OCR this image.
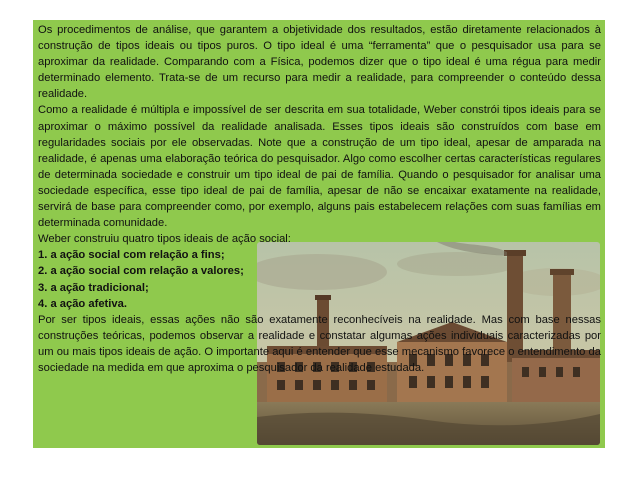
Os procedimentos de análise, que garantem a objetividade dos resultados, estão diretamente relacionados à construção de tipos ideais ou tipos puros. O tipo ideal é uma “ferramenta” que o pesquisador usa para se aproximar da realidade. Comparando com a Física, podemos dizer que o tipo ideal é uma régua para medir determinado elemento. Trata-se de um recurso para medir a realidade, para compreender o conteúdo dessa realidade.

Como a realidade é múltipla e impossível de ser descrita em sua totalidade, Weber constrói tipos ideais para se aproximar o máximo possível da realidade analisada. Esses tipos ideais são construídos com base em regularidades sociais por ele observadas. Note que a construção de um tipo ideal, apesar de amparada na realidade, é apenas uma elaboração teórica do pesquisador. Algo como escolher certas características regulares de determinada sociedade e construir um tipo ideal de pai de família. Quando o pesquisador for analisar uma sociedade específica, esse tipo ideal de pai de família, apesar de não se encaixar exatamente na realidade, servirá de base para compreender como, por exemplo, alguns pais estabelecem relações com suas famílias em determinada comunidade.

Weber construiu quatro tipos ideais de ação social:

1. a ação social com relação a fins;

2. a ação social com relação a valores;

3. a ação tradicional;

4. a ação afetiva.

Por ser tipos ideais, essas ações não são exatamente reconhecíveis na realidade. Mas com base nessas construções teóricas, podemos observar a realidade e constatar algumas ações individuais caracterizadas por um ou mais tipos ideais de ação. O importante aqui é entender que esse mecanismo favorece o entendimento da sociedade na medida em que aproxima o pesquisador da realidade estudada.
